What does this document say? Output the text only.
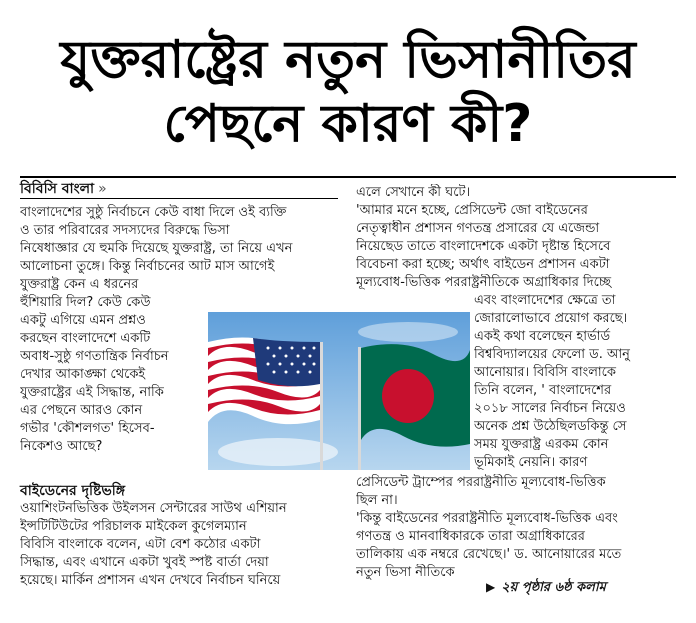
যুক্তরাষ্ট্রের নতুন ভিসানীতির
পেছনে কারণ কী?
বিবিসি বাংলা »
বাংলাদেশের সুষ্ঠু নির্বাচনে কেউ বাধা দিলে ওই ব্যক্তি
ও তার পরিবারের সদস্যদের বিরুদ্ধে ভিসা
নিষেধাজ্ঞার যে হুমকি দিয়েছে যুক্তরাষ্ট্র, তা নিয়ে এখন
আলোচনা তুঙ্গে। কিন্তু নির্বাচনের আট মাস আগেই
যুক্তরাষ্ট্র কেন এ ধরনের
হুঁশিয়ারি দিল? কেউ কেউ
একটু এগিয়ে এমন প্রশ্নও
করছেন বাংলাদেশে একটি
অবাধ-সুষ্ঠু গণতান্ত্রিক নির্বাচন
দেখার আকাঙ্ক্ষা থেকেই
যুক্তরাষ্ট্রের এই সিদ্ধান্ত, নাকি
এর পেছনে আরও কোন
গভীর 'কৌশলগত' হিসেব-
নিকেশও আছে?
বাইডেনের দৃষ্টিভঙ্গি
ওয়াশিংটনভিত্তিক উইলসন সেন্টারের সাউথ এশিয়ান
ইন্সটিটিউটের পরিচালক মাইকেল কুগেলম্যান
বিবিসি বাংলাকে বলেন, এটা বেশ কঠোর একটা
সিদ্ধান্ত, এবং এখানে একটা খুবই স্পষ্ট বার্তা দেয়া
হয়েছে। মার্কিন প্রশাসন এখন দেখবে নির্বাচন ঘনিয়ে
এলে সেখানে কী ঘটে।
'আমার মনে হচ্ছে, প্রেসিডেন্ট জো বাইডেনের
নেতৃত্বাধীন প্রশাসন গণতন্ত্র প্রসারের যে এজেন্ডা
নিয়েছেড তাতে বাংলাদেশকে একটা দৃষ্টান্ত হিসেবে
বিবেচনা করা হচ্ছে; অর্থাৎ বাইডেন প্রশাসন একটা
মূল্যবোধ-ভিত্তিক পররাষ্ট্রনীতিকে অগ্রাধিকার দিচ্ছে
এবং বাংলাদেশের ক্ষেত্রে তা
জোরালোভাবে প্রয়োগ করছে।
একই কথা বলেছেন হার্ভার্ড
বিশ্ববিদ্যালয়ের ফেলো ড. আনু
আনোয়ার। বিবিসি বাংলাকে
তিনি বলেন, ' বাংলাদেশের
২০১৮ সালের নির্বাচন নিয়েও
অনেক প্রশ্ন উঠেছিলডকিন্তু সে
সময় যুক্তরাষ্ট্র এরকম কোন
ভূমিকাই নেয়নি। কারণ
প্রেসিডেন্ট ট্রাম্পের পররাষ্ট্রনীতি মূল্যবোধ-ভিত্তিক
ছিল না।
'কিন্তু বাইডেনের পররাষ্ট্রনীতি মূল্যবোধ-ভিত্তিক এবং
গণতন্ত্র ও মানবাধিকারকে তারা অগ্রাধিকারের
তালিকায় এক নম্বরে রেখেছে।' ড. আনোয়ারের মতে
নতুন ভিসা নীতিকে
▶ ২য় পৃষ্ঠার ৬ষ্ঠ কলাম
